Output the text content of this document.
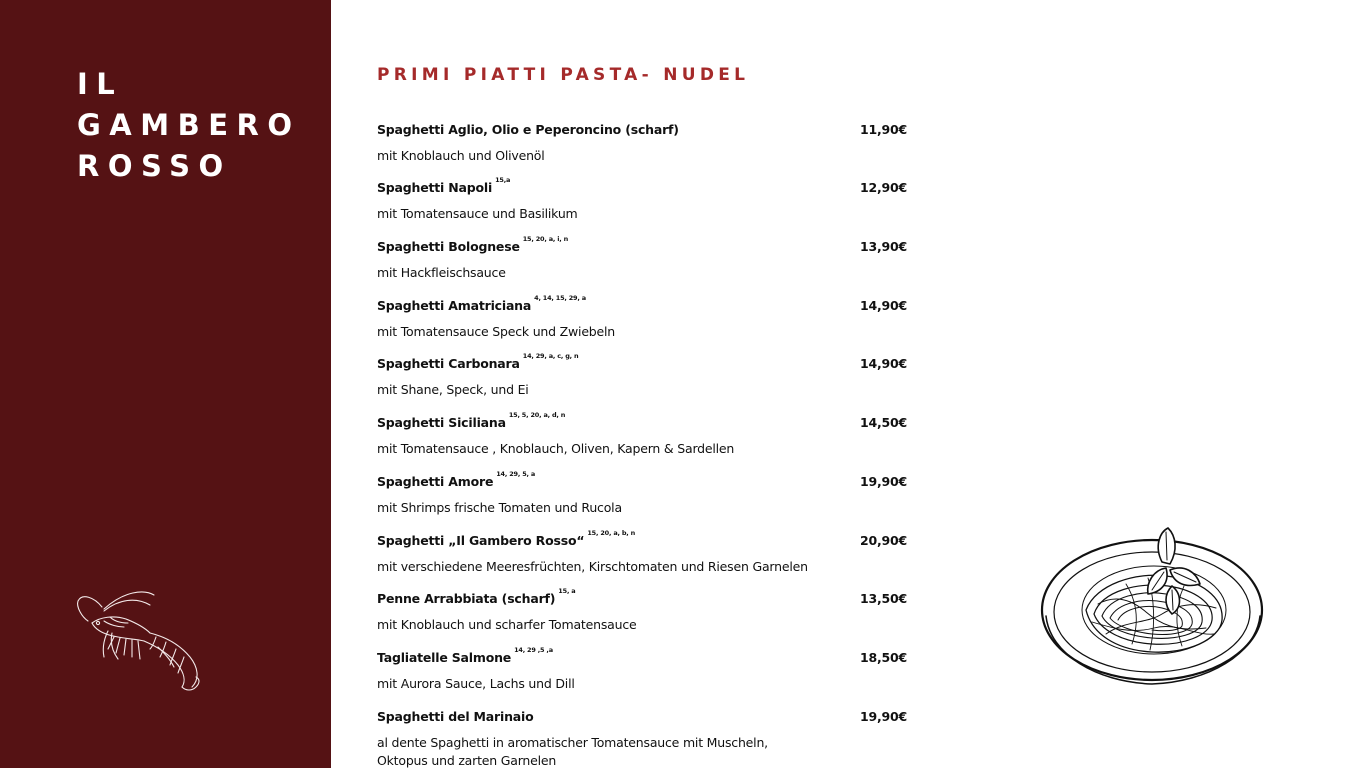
IL
GAMBERO
ROSSO
PRIMI PIATTI PASTA- NUDEL
Spaghetti Aglio, Olio e Peperoncino (scharf)	11,90€
mit Knoblauch und Olivenöl
Spaghetti Napoli $^{15,a}$	12,90€
mit Tomatensauce und Basilikum
Spaghetti Bolognese $^{15, 20, a, i, n}$	13,90€
mit Hackfleischsauce
Spaghetti Amatriciana $^{4, 14, 15, 29, a}$	14,90€
mit Tomatensauce Speck und Zwiebeln
Spaghetti Carbonara $^{14, 29, a, c, g, n}$	14,90€
mit Shane, Speck, und Ei
Spaghetti Siciliana $^{15, 5, 20, a, d, n}$	14,50€
mit Tomatensauce , Knoblauch, Oliven, Kapern & Sardellen
Spaghetti Amore $^{14, 29, 5, a}$	19,90€
mit Shrimps frische Tomaten und Rucola
Spaghetti „Il Gambero Rosso“ $^{15, 20, a, b, n}$	20,90€
mit verschiedene Meeresfrüchten, Kirschtomaten und Riesen Garnelen
Penne Arrabbiata (scharf) $^{15, a}$	13,50€
mit Knoblauch und scharfer Tomatensauce
Tagliatelle Salmone $^{14, 29 ,5 ,a}$	18,50€
mit Aurora Sauce, Lachs und Dill
Spaghetti del Marinaio	19,90€
al dente Spaghetti in aromatischer Tomatensauce mit Muscheln, Oktopus und zarten Garnelen
